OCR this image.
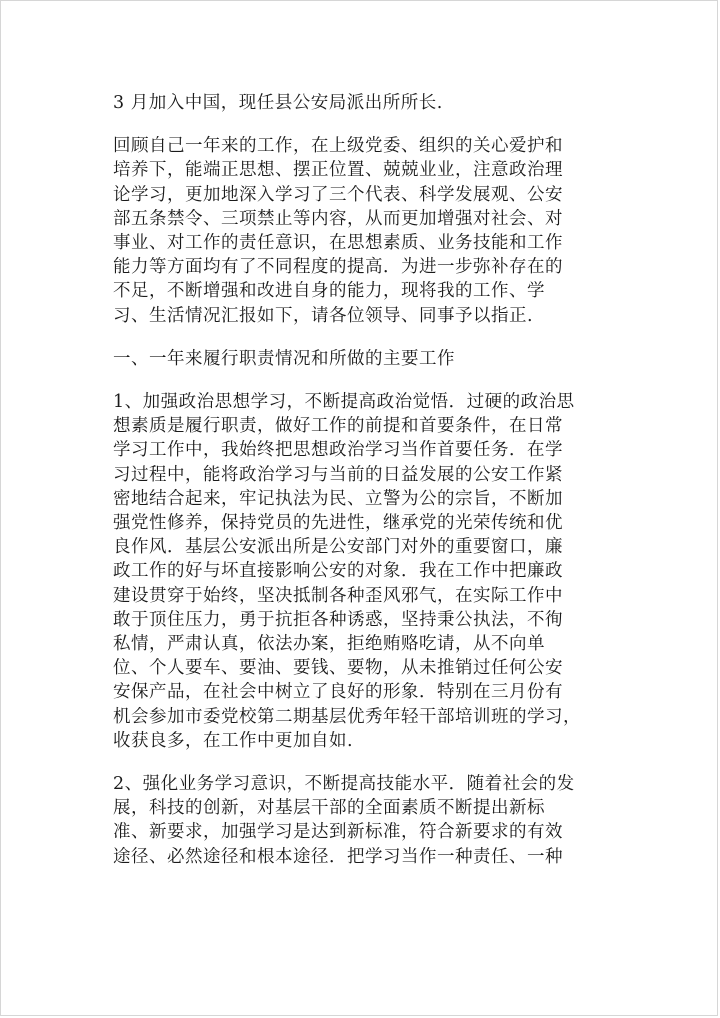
3 月加入中国，现任县公安局派出所所长.

回顾自己一年来的工作，在上级党委、组织的关心爱护和
培养下，能端正思想、摆正位置、兢兢业业，注意政治理
论学习，更加地深入学习了三个代表、科学发展观、公安
部五条禁令、三项禁止等内容，从而更加增强对社会、对
事业、对工作的责任意识，在思想素质、业务技能和工作
能力等方面均有了不同程度的提高．为进一步弥补存在的
不足，不断增强和改进自身的能力，现将我的工作、学
习、生活情况汇报如下，请各位领导、同事予以指正.

一、一年来履行职责情况和所做的主要工作

1、加强政治思想学习，不断提高政治觉悟．过硬的政治思
想素质是履行职责，做好工作的前提和首要条件，在日常
学习工作中，我始终把思想政治学习当作首要任务．在学
习过程中，能将政治学习与当前的日益发展的公安工作紧
密地结合起来，牢记执法为民、立警为公的宗旨，不断加
强党性修养，保持党员的先进性，继承党的光荣传统和优
良作风．基层公安派出所是公安部门对外的重要窗口，廉
政工作的好与坏直接影响公安的对象．我在工作中把廉政
建设贯穿于始终，坚决抵制各种歪风邪气，在实际工作中
敢于顶住压力，勇于抗拒各种诱惑，坚持秉公执法，不徇
私情，严肃认真，依法办案，拒绝贿赂吃请，从不向单
位、个人要车、要油、要钱、要物，从未推销过任何公安
安保产品，在社会中树立了良好的形象．特别在三月份有
机会参加市委党校第二期基层优秀年轻干部培训班的学习，
收获良多，在工作中更加自如.

2、强化业务学习意识，不断提高技能水平．随着社会的发
展，科技的创新，对基层干部的全面素质不断提出新标
准、新要求，加强学习是达到新标准，符合新要求的有效
途径、必然途径和根本途径．把学习当作一种责任、一种
